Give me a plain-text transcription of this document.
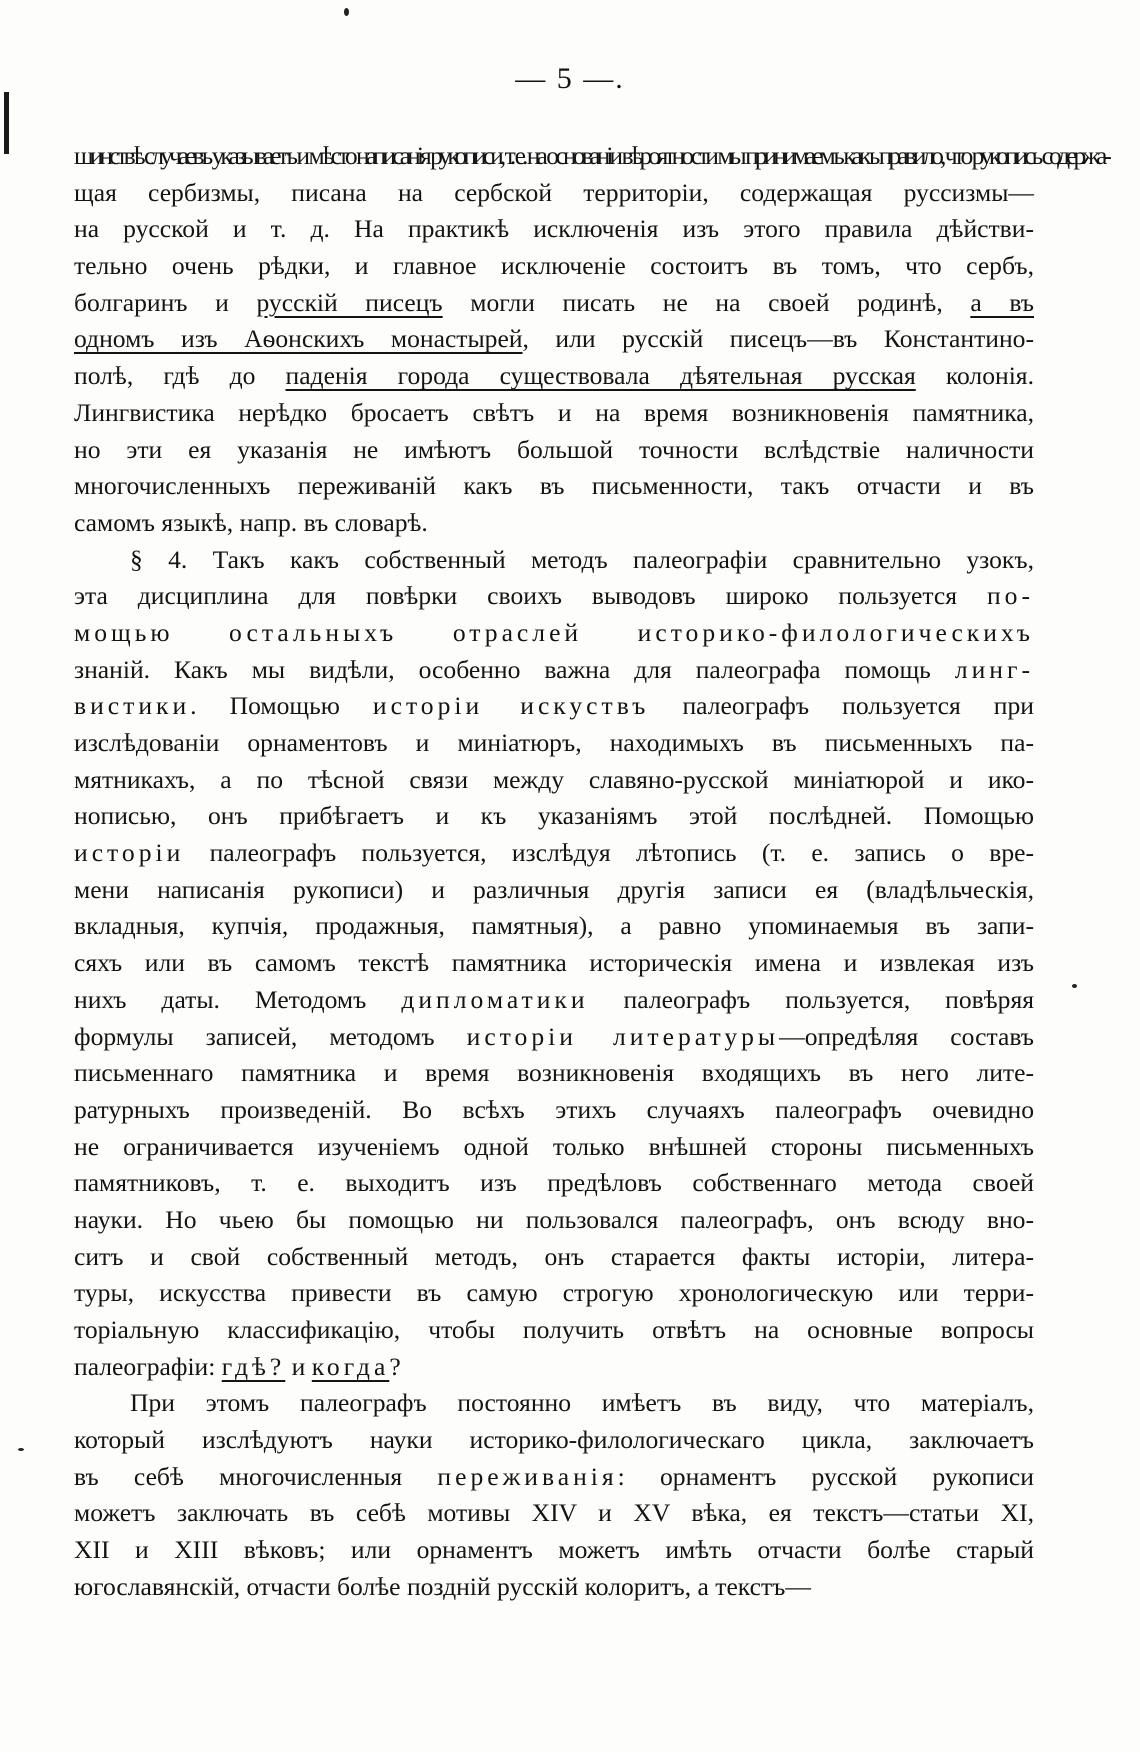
— 5 —.
шинствѣ случаевъ указываетъ и мѣсто написанія рукописи, т. е. на основаніи вѣроятности мы принимаемъ какъ правило, что рукопись содержа-
щая сербизмы, писана на сербской территоріи, содержащая руссизмы—
на русской и т. д. На практикѣ исключенія изъ этого правила дѣйстви-
тельно очень рѣдки, и главное исключеніе состоитъ въ томъ, что сербъ,
болгаринъ и русскій писецъ могли писать не на своей родинѣ, а въ
одномъ изъ Аѳонскихъ монастырей, или русскій писецъ—въ Константино-
полѣ, гдѣ до паденія города существовала дѣятельная русская колонія.
Лингвистика нерѣдко бросаетъ свѣтъ и на время возникновенія памятника,
но эти ея указанія не имѣютъ большой точности вслѣдствіе наличности
многочисленныхъ переживаній какъ въ письменности, такъ отчасти и въ
самомъ языкѣ, напр. въ словарѣ.
§ 4. Такъ какъ собственный методъ палеографіи сравнительно узокъ,
эта дисциплина для повѣрки своихъ выводовъ широко пользуется по-
мощью остальныхъ отраслей историко-филологическихъ
знаній. Какъ мы видѣли, особенно важна для палеографа помощь линг-
вистики. Помощью исторіи искуствъ палеографъ пользуется при
изслѣдованіи орнаментовъ и миніатюръ, находимыхъ въ письменныхъ па-
мятникахъ, а по тѣсной связи между славяно-русской миніатюрой и ико-
нописью, онъ прибѣгаетъ и къ указаніямъ этой послѣдней. Помощью
исторіи палеографъ пользуется, изслѣдуя лѣтопись (т. е. запись о вре-
мени написанія рукописи) и различныя другія записи ея (владѣльческія,
вкладныя, купчія, продажныя, памятныя), а равно упоминаемыя въ запи-
сяхъ или въ самомъ текстѣ памятника историческія имена и извлекая изъ
нихъ даты. Методомъ дипломатики палеографъ пользуется, повѣряя
формулы записей, методомъ исторіи литературы—опредѣляя составъ
письменнаго памятника и время возникновенія входящихъ въ него лите-
ратурныхъ произведеній. Во всѣхъ этихъ случаяхъ палеографъ очевидно
не ограничивается изученіемъ одной только внѣшней стороны письменныхъ
памятниковъ, т. е. выходитъ изъ предѣловъ собственнаго метода своей
науки. Но чьею бы помощью ни пользовался палеографъ, онъ всюду вно-
ситъ и свой собственный методъ, онъ старается факты исторіи, литера-
туры, искусства привести въ самую строгую хронологическую или терри-
торіальную классификацію, чтобы получить отвѣтъ на основные вопросы
палеографіи: гдѣ? и когда?
При этомъ палеографъ постоянно имѣетъ въ виду, что матеріалъ,
который изслѣдуютъ науки историко-филологическаго цикла, заключаетъ
въ себѣ многочисленныя переживанія: орнаментъ русской рукописи
можетъ заключать въ себѣ мотивы XIV и XV вѣка, ея текстъ—статьи XI,
XII и XIII вѣковъ; или орнаментъ можетъ имѣть отчасти болѣе старый
югославянскій, отчасти болѣе поздній русскій колоритъ, а текстъ—
